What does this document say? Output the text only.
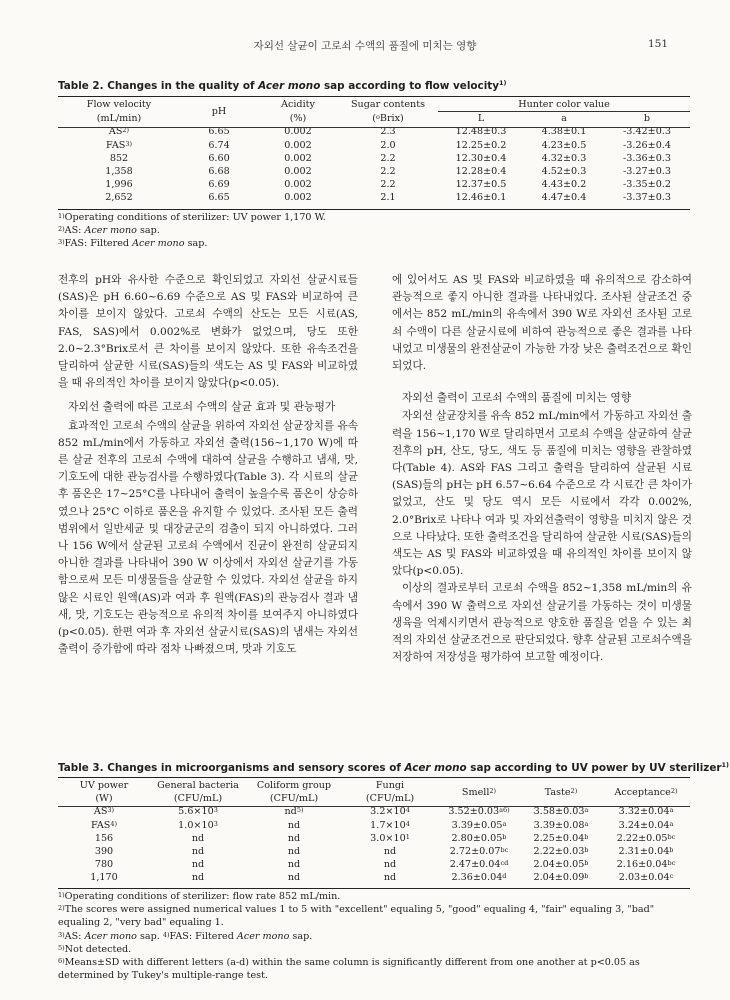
자외선 살균이 고로쇠 수액의 품질에 미치는 영향	151
Table 2. Changes in the quality of Acer mono sap according to flow velocity$^{1)}$
Flow velocity	pH	Acidity	Sugar contents	Hunter color value		
(mL/min)		(%)	($^o$Brix)	L	a	b
AS$^{2)}$	6.65	0.002	2.3	12.48±0.3	4.38±0.1	-3.42±0.3
FAS$^{3)}$	6.74	0.002	2.0	12.25±0.2	4.23±0.5	-3.26±0.4
852	6.60	0.002	2.2	12.30±0.4	4.32±0.3	-3.36±0.3
1,358	6.68	0.002	2.2	12.28±0.4	4.52±0.3	-3.27±0.3
1,996	6.69	0.002	2.2	12.37±0.5	4.43±0.2	-3.35±0.2
2,652	6.65	0.002	2.1	12.46±0.1	4.47±0.4	-3.37±0.3

$^{1)}$Operating conditions of sterilizer: UV power 1,170 W.

$^{2)}$AS: Acer mono sap.

$^{3)}$FAS: Filtered Acer mono sap.

전후의 pH와 유사한 수준으로 확인되었고 자외선 살균시료들(SAS)은 pH 6.60~6.69 수준으로 AS 및 FAS와 비교하여 큰 차이를 보이지 않았다. 고로쇠 수액의 산도는 모든 시료(AS, FAS, SAS)에서 0.002%로 변화가 없었으며, 당도 또한 2.0~2.3°Brix로서 큰 차이를 보이지 않았다. 또한 유속조건을 달리하여 살균한 시료(SAS)들의 색도는 AS 및 FAS와 비교하였을 때 유의적인 차이를 보이지 않았다(p<0.05).

자외선 출력에 따른 고로쇠 수액의 살균 효과 및 관능평가

효과적인 고로쇠 수액의 살균을 위하여 자외선 살균장치를 유속 852 mL/min에서 가동하고 자외선 출력(156~1,170 W)에 따른 살균 전후의 고로쇠 수액에 대하여 살균을 수행하고 냄새, 맛, 기호도에 대한 관능검사를 수행하였다(Table 3). 각 시료의 살균 후 품온은 17~25°C를 나타내어 출력이 높을수록 품온이 상승하였으나 25°C 이하로 품온을 유지할 수 있었다. 조사된 모든 출력범위에서 일반세균 및 대장균군의 검출이 되지 아니하였다. 그러나 156 W에서 살균된 고로쇠 수액에서 진균이 완전히 살균되지 아니한 결과를 나타내어 390 W 이상에서 자외선 살균기를 가동함으로써 모든 미생물들을 살균할 수 있었다. 자외선 살균을 하지 않은 시료인 원액(AS)과 여과 후 원액(FAS)의 관능검사 결과 냄새, 맛, 기호도는 관능적으로 유의적 차이를 보여주지 아니하였다(p<0.05). 한편 여과 후 자외선 살균시료(SAS)의 냄새는 자외선 출력이 증가함에 따라 점차 나빠졌으며, 맛과 기호도

에 있어서도 AS 및 FAS와 비교하였을 때 유의적으로 감소하여 관능적으로 좋지 아니한 결과를 나타내었다. 조사된 살균조건 중에서는 852 mL/min의 유속에서 390 W로 자외선 조사된 고로쇠 수액이 다른 살균시료에 비하여 관능적으로 좋은 결과를 나타내었고 미생물의 완전살균이 가능한 가장 낮은 출력조건으로 확인되었다.

자외선 출력이 고로쇠 수액의 품질에 미치는 영향

자외선 살균장치를 유속 852 mL/min에서 가동하고 자외선 출력을 156~1,170 W로 달리하면서 고로쇠 수액을 살균하여 살균 전후의 pH, 산도, 당도, 색도 등 품질에 미치는 영향을 관찰하였다(Table 4). AS와 FAS 그리고 출력을 달리하여 살균된 시료(SAS)들의 pH는 pH 6.57~6.64 수준으로 각 시료간 큰 차이가 없었고, 산도 및 당도 역시 모든 시료에서 각각 0.002%, 2.0°Brix로 나타나 여과 및 자외선출력이 영향을 미치지 않은 것으로 나타났다. 또한 출력조건을 달리하여 살균한 시료(SAS)들의 색도는 AS 및 FAS와 비교하였을 때 유의적인 차이를 보이지 않았다(p<0.05).

이상의 결과로부터 고로쇠 수액을 852~1,358 mL/min의 유속에서 390 W 출력으로 자외선 살균기를 가동하는 것이 미생물 생육을 억제시키면서 관능적으로 양호한 품질을 얻을 수 있는 최적의 자외선 살균조건으로 판단되었다. 향후 살균된 고로쇠수액을 저장하여 저장성을 평가하여 보고할 예정이다.

Table 3. Changes in microorganisms and sensory scores of Acer mono sap according to UV power by UV sterilizer$^{1)}$
UV power	General bacteria	Coliform group	Fungi	Smell$^{2)}$	Taste$^{2)}$	Acceptance$^{2)}$
(W)	(CFU/mL)	(CFU/mL)	(CFU/mL)			
AS$^{3)}$	$5.6\times 10^3$	$nd^{5)}$	$3.2\times 10^4$	$3.52\pm 0.03^{a6)}$	3.58±0.03$^a$	3.32±0.04$^a$
FAS$^{4)}$	$1.0\times 10^3$	nd	$1.7\times 10^4$	3.39±0.05$^a$	3.39±0.08$^a$	3.24±0.04$^a$
156	nd	nd	$3.0\times 10^1$	2.80±0.05$^b$	2.25±0.04$^b$	2.22±0.05$^{bc}$
390	nd	nd	nd	2.72±0.07$^{bc}$	2.22±0.03$^b$	2.31±0.04$^b$
780	nd	nd	nd	2.47±0.04$^{cd}$	2.04±0.05$^b$	2.16±0.04$^{bc}$
1,170	nd	nd	nd	2.36±0.04$^d$	2.04±0.09$^b$	2.03±0.04$^c$

$^{1)}$Operating conditions of sterilizer: flow rate 852 mL/min.

$^{2)}$The scores were assigned numerical values 1 to 5 with "excellent" equaling 5, "good" equaling 4, "fair" equaling 3, "bad" equaling 2, "very bad" equaling 1.

$^{3)}$AS: Acer mono sap. $^{4)}$FAS: Filtered Acer mono sap.

$^{5)}$Not detected.

$^{6)}$Means±SD with different letters (a-d) within the same column is significantly different from one another at p<0.05 as determined by Tukey's multiple-range test.
